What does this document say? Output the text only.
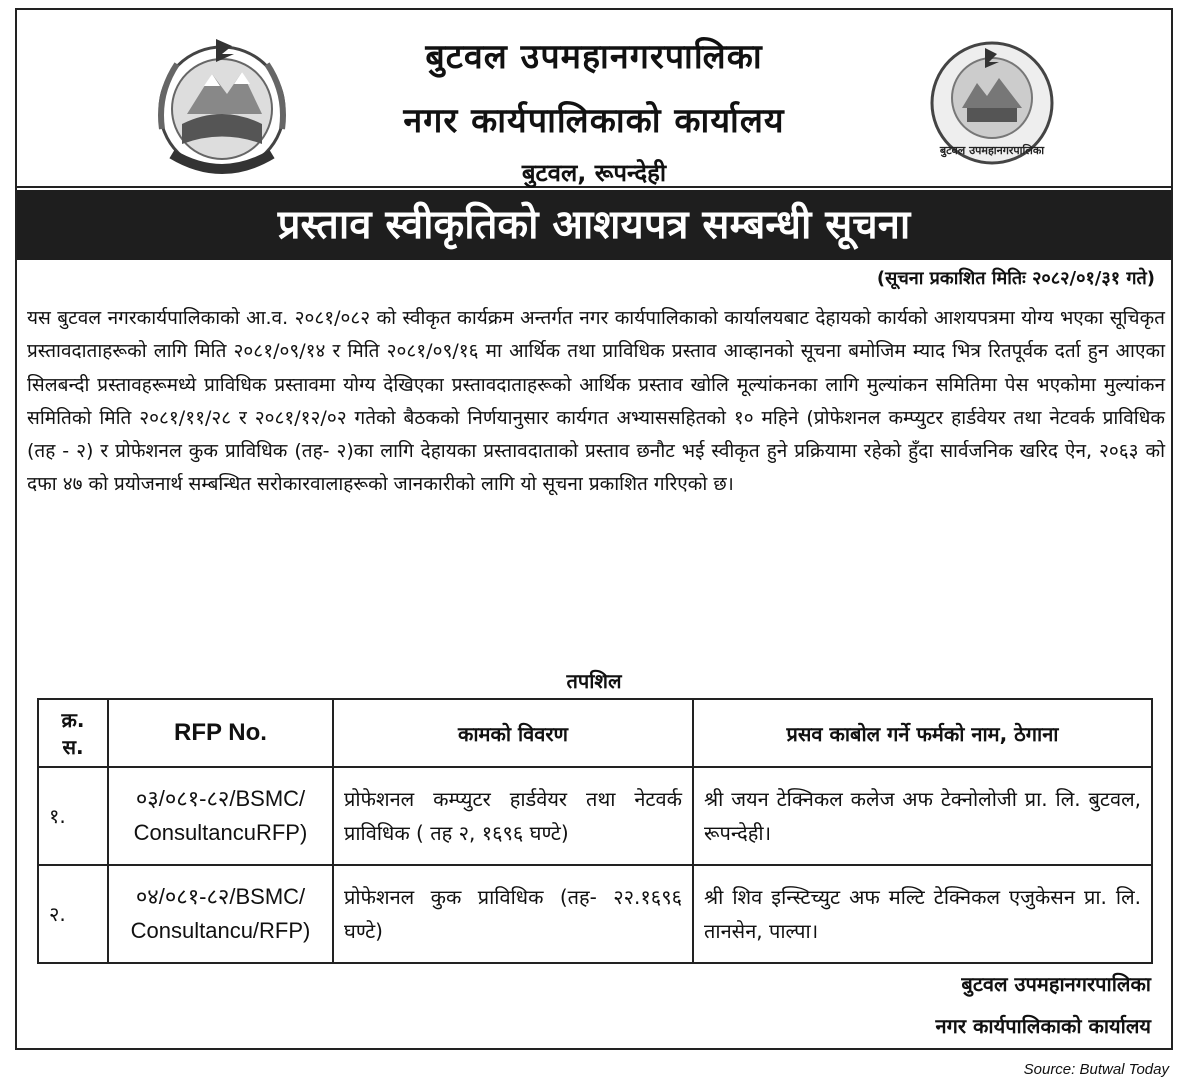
बुटवल उपमहानगरपालिका
नगर कार्यपालिकाको कार्यालय
बुटवल, रूपन्देही
बुटवल उपमहानगरपालिका
प्रस्ताव स्वीकृतिको आशयपत्र सम्बन्धी सूचना
(सूचना प्रकाशित मितिः २०८२/०१/३१ गते)
यस बुटवल नगरकार्यपालिकाको आ.व. २०८१/०८२ को स्वीकृत कार्यक्रम अन्तर्गत नगर कार्यपालिकाको कार्यालयबाट देहायको कार्यको आशयपत्रमा योग्य भएका सूचिकृत प्रस्तावदाताहरूको लागि मिति २०८१/०९/१४ र मिति २०८१/०९/१६ मा आर्थिक तथा प्राविधिक प्रस्ताव आव्हानको सूचना बमोजिम म्याद भित्र रितपूर्वक दर्ता हुन आएका सिलबन्दी प्रस्तावहरूमध्ये प्राविधिक प्रस्तावमा योग्य देखिएका प्रस्तावदाताहरूको आर्थिक प्रस्ताव खोलि मूल्यांकनका लागि मुल्यांकन समितिमा पेस भएकोमा मुल्यांकन समितिको मिति २०८१/११/२८ र २०८१/१२/०२ गतेको बैठकको निर्णयानुसार कार्यगत अभ्याससहितको १० महिने (प्रोफेशनल कम्प्युटर हार्डवेयर तथा नेटवर्क प्राविधिक (तह - २) र प्रोफेशनल कुक प्राविधिक (तह- २)का लागि देहायका प्रस्तावदाताको प्रस्ताव छनौट भई स्वीकृत हुने प्रक्रियामा रहेको हुँदा सार्वजनिक खरिद ऐन, २०६३ को दफा ४७ को प्रयोजनार्थ सम्बन्धित सरोकारवालाहरूको जानकारीको लागि यो सूचना प्रकाशित गरिएको छ।
तपशिल
क्र. स.	RFP No.	कामको विवरण	प्रसव काबोल गर्ने फर्मको नाम, ठेगाना
१.	०३/०८१-८२/BSMC/ ConsultancuRFP)	प्रोफेशनल कम्प्युटर हार्डवेयर तथा नेटवर्क प्राविधिक ( तह २, १६९६ घण्टे)	श्री जयन टेक्निकल कलेज अफ टेक्नोलोजी प्रा. लि. बुटवल, रूपन्देही।
२.	०४/०८१-८२/BSMC/ Consultancu/RFP)	प्रोफेशनल कुक प्राविधिक (तह- २२.१६९६ घण्टे)	श्री शिव इन्स्टिच्युट अफ मल्टि टेक्निकल एजुकेसन प्रा. लि. तानसेन, पाल्पा।
बुटवल उपमहानगरपालिका
नगर कार्यपालिकाको कार्यालय
Source: Butwal Today
